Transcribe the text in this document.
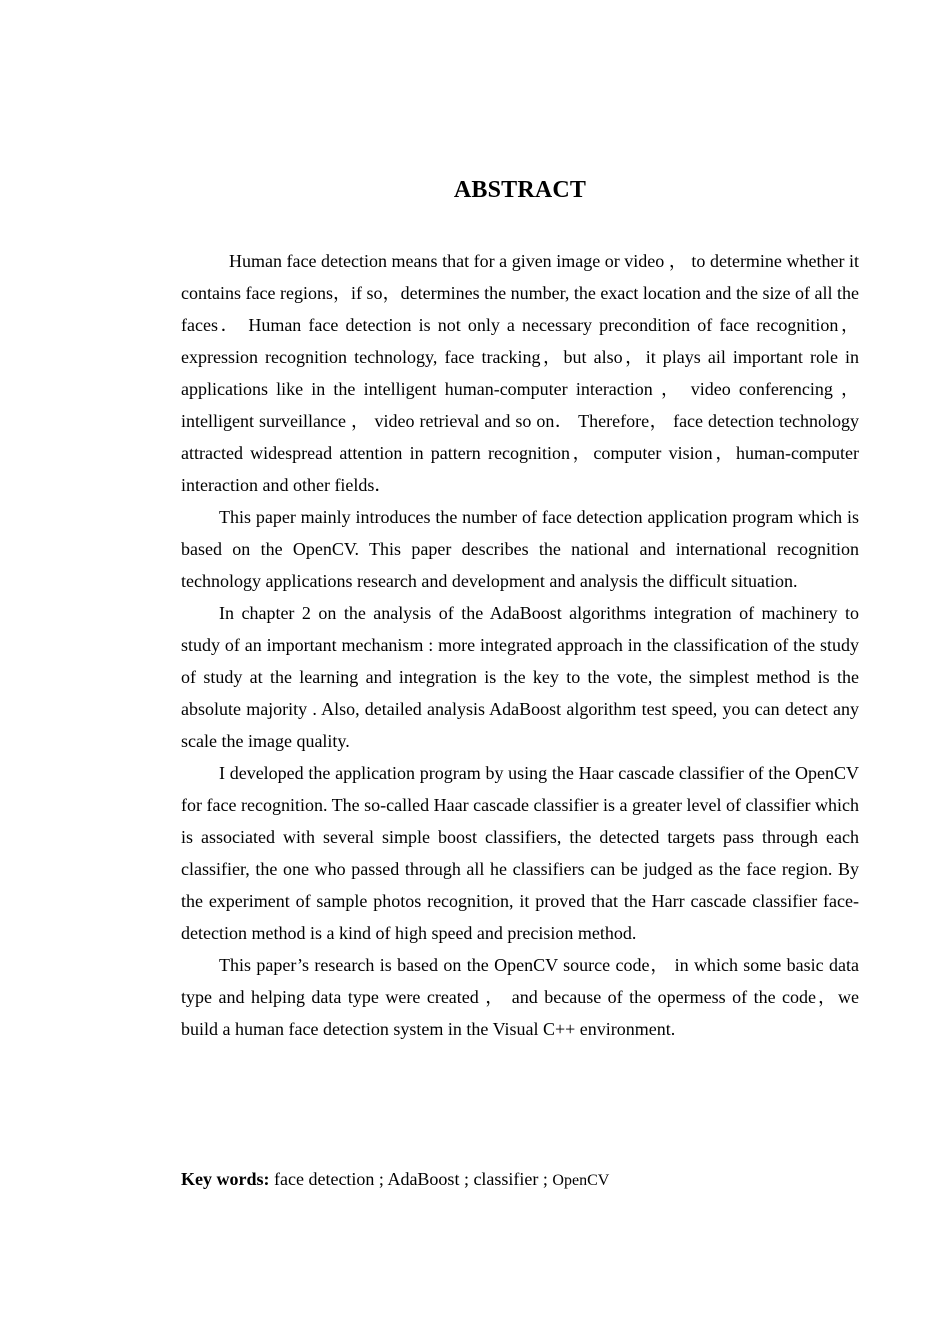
ABSTRACT

Human face detection means that for a given image or video ， to determine whether it contains face regions，if so，determines the number, the exact location and the size of all the faces． Human face detection is not only a necessary precondition of face recognition，expression recognition technology, face tracking，but also，it plays ail important role in applications like in the intelligent human-computer interaction ， video conferencing ， intelligent surveillance ， video retrieval and so on． Therefore， face detection technology attracted widespread attention in pattern recognition，computer vision，human-computer interaction and other fields．

This paper mainly introduces the number of face detection application program which is based on the OpenCV. This paper describes the national and international recognition technology applications research and development and analysis the difficult situation.

In chapter 2 on the analysis of the AdaBoost algorithms integration of machinery to study of an important mechanism : more integrated approach in the classification of the study of study at the learning and integration is the key to the vote, the simplest method is the absolute majority . Also, detailed analysis AdaBoost algorithm test speed, you can detect any scale the image quality.

I developed the application program by using the Haar cascade classifier of the OpenCV for face recognition. The so-called Haar cascade classifier is a greater level of classifier which is associated with several simple boost classifiers, the detected targets pass through each classifier, the one who passed through all he classifiers can be judged as the face region. By the experiment of sample photos recognition, it proved that the Harr cascade classifier face-detection method is a kind of high speed and precision method.

This paper’s research is based on the OpenCV source code， in which some basic data type and helping data type were created ， and because of the opermess of the code，we build a human face detection system in the Visual C++ environment.

Key words: face detection ; AdaBoost ; classifier ; OpenCV
